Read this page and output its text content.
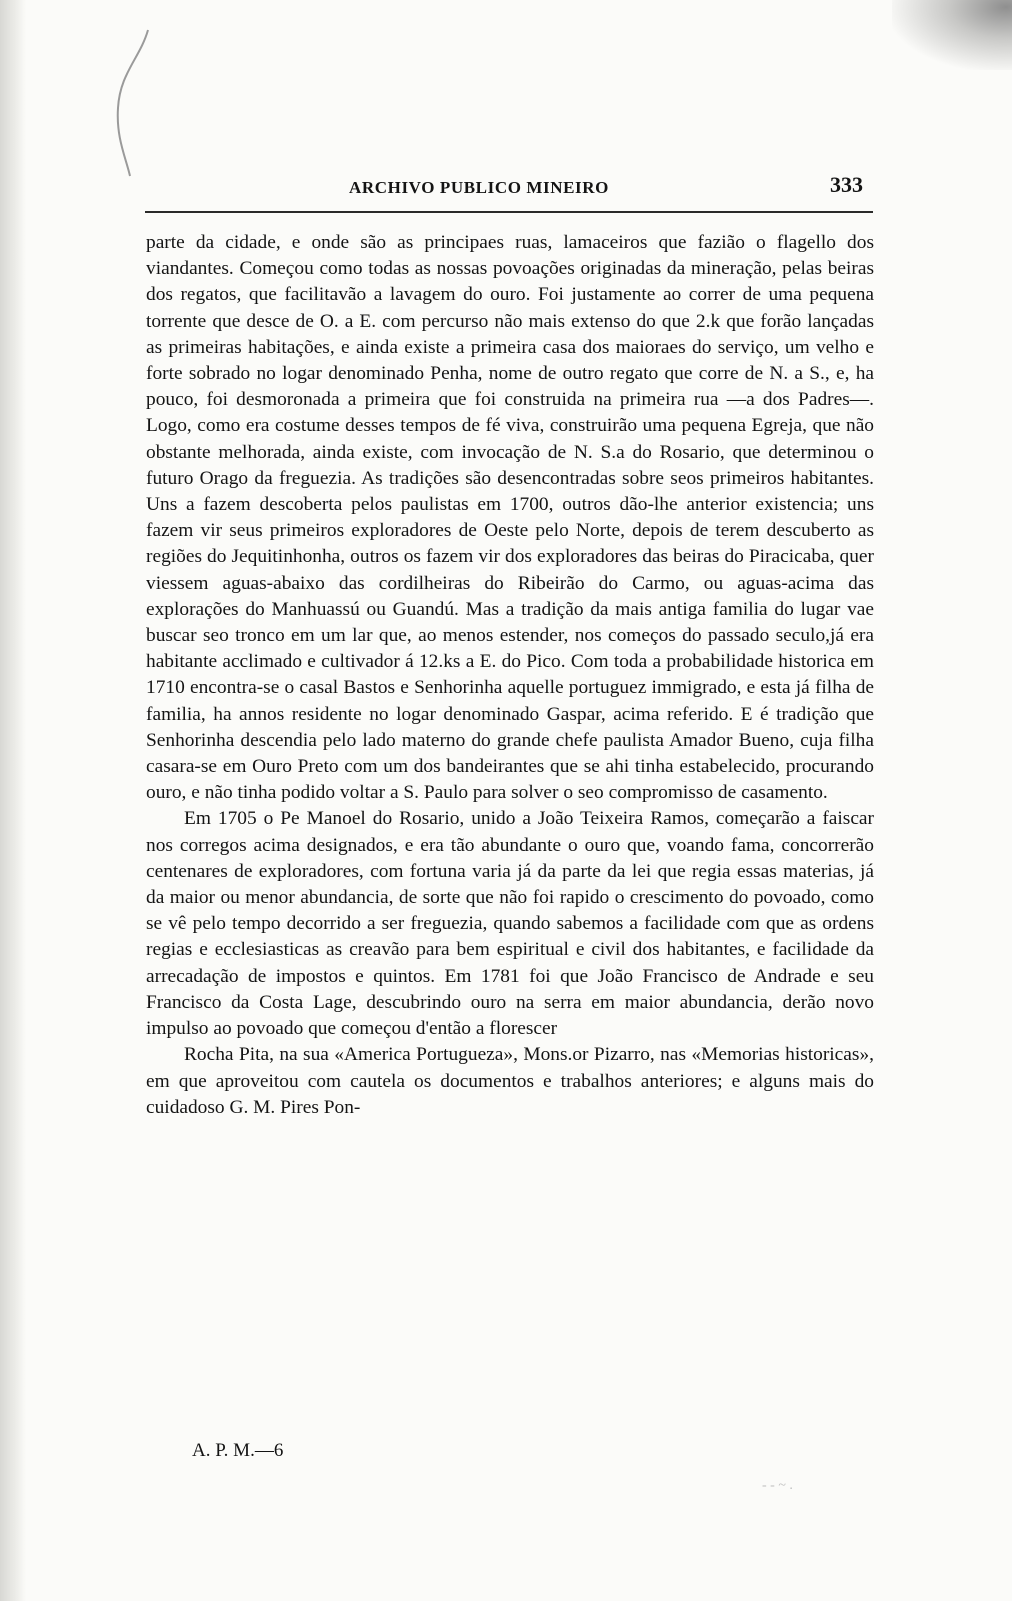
ARCHIVO PUBLICO MINEIRO	333

parte da cidade, e onde são as principaes ruas, lamaceiros que fazião o flagello dos viandantes. Começou como todas as nossas povoações originadas da mineração, pelas beiras dos regatos, que facilitavão a lavagem do ouro. Foi justamente ao correr de uma pequena torrente que desce de O. a E. com percurso não mais extenso do que 2.k que forão lançadas as primeiras habitações, e ainda existe a primeira casa dos maioraes do serviço, um velho e forte sobrado no logar denominado Penha, nome de outro regato que corre de N. a S., e, ha pouco, foi desmoronada a primeira que foi construida na primeira rua —a dos Padres—. Logo, como era costume desses tempos de fé viva, construirão uma pequena Egreja, que não obstante melhorada, ainda existe, com invocação de N. S.a do Rosario, que determinou o futuro Orago da freguezia. As tradições são desencontradas sobre seos primeiros habitantes. Uns a fazem descoberta pelos paulistas em 1700, outros dão-lhe anterior existencia; uns fazem vir seus primeiros exploradores de Oeste pelo Norte, depois de terem descuberto as regiões do Jequitinhonha, outros os fazem vir dos exploradores das beiras do Piracicaba, quer viessem aguas-abaixo das cordilheiras do Ribeirão do Carmo, ou aguas-acima das explorações do Manhuassú ou Guandú. Mas a tradição da mais antiga familia do lugar vae buscar seo tronco em um lar que, ao menos estender, nos começos do passado seculo,já era habitante acclimado e cultivador á 12.ks a E. do Pico. Com toda a probabilidade historica em 1710 encontra-se o casal Bastos e Senhorinha aquelle portuguez immigrado, e esta já filha de familia, ha annos residente no logar denominado Gaspar, acima referido. E é tradição que Senhorinha descendia pelo lado materno do grande chefe paulista Amador Bueno, cuja filha casara-se em Ouro Preto com um dos bandeirantes que se ahi tinha estabelecido, procurando ouro, e não tinha podido voltar a S. Paulo para solver o seo compromisso de casamento.

Em 1705 o Pe Manoel do Rosario, unido a João Teixeira Ramos, começarão a faiscar nos corregos acima designados, e era tão abundante o ouro que, voando fama, concorrerão centenares de exploradores, com fortuna varia já da parte da lei que regia essas materias, já da maior ou menor abundancia, de sorte que não foi rapido o crescimento do povoado, como se vê pelo tempo decorrido a ser freguezia, quando sabemos a facilidade com que as ordens regias e ecclesiasticas as creavão para bem espiritual e civil dos habitantes, e facilidade da arrecadação de impostos e quintos. Em 1781 foi que João Francisco de Andrade e seu Francisco da Costa Lage, descubrindo ouro na serra em maior abundancia, derão novo impulso ao povoado que começou d'então a florescer

Rocha Pita, na sua «America Portugueza», Mons.or Pizarro, nas «Memorias historicas», em que aproveitou com cautela os documentos e trabalhos anteriores; e alguns mais do cuidadoso G. M. Pires Pon-

A. P. M.—6
- ‑ ~ .
